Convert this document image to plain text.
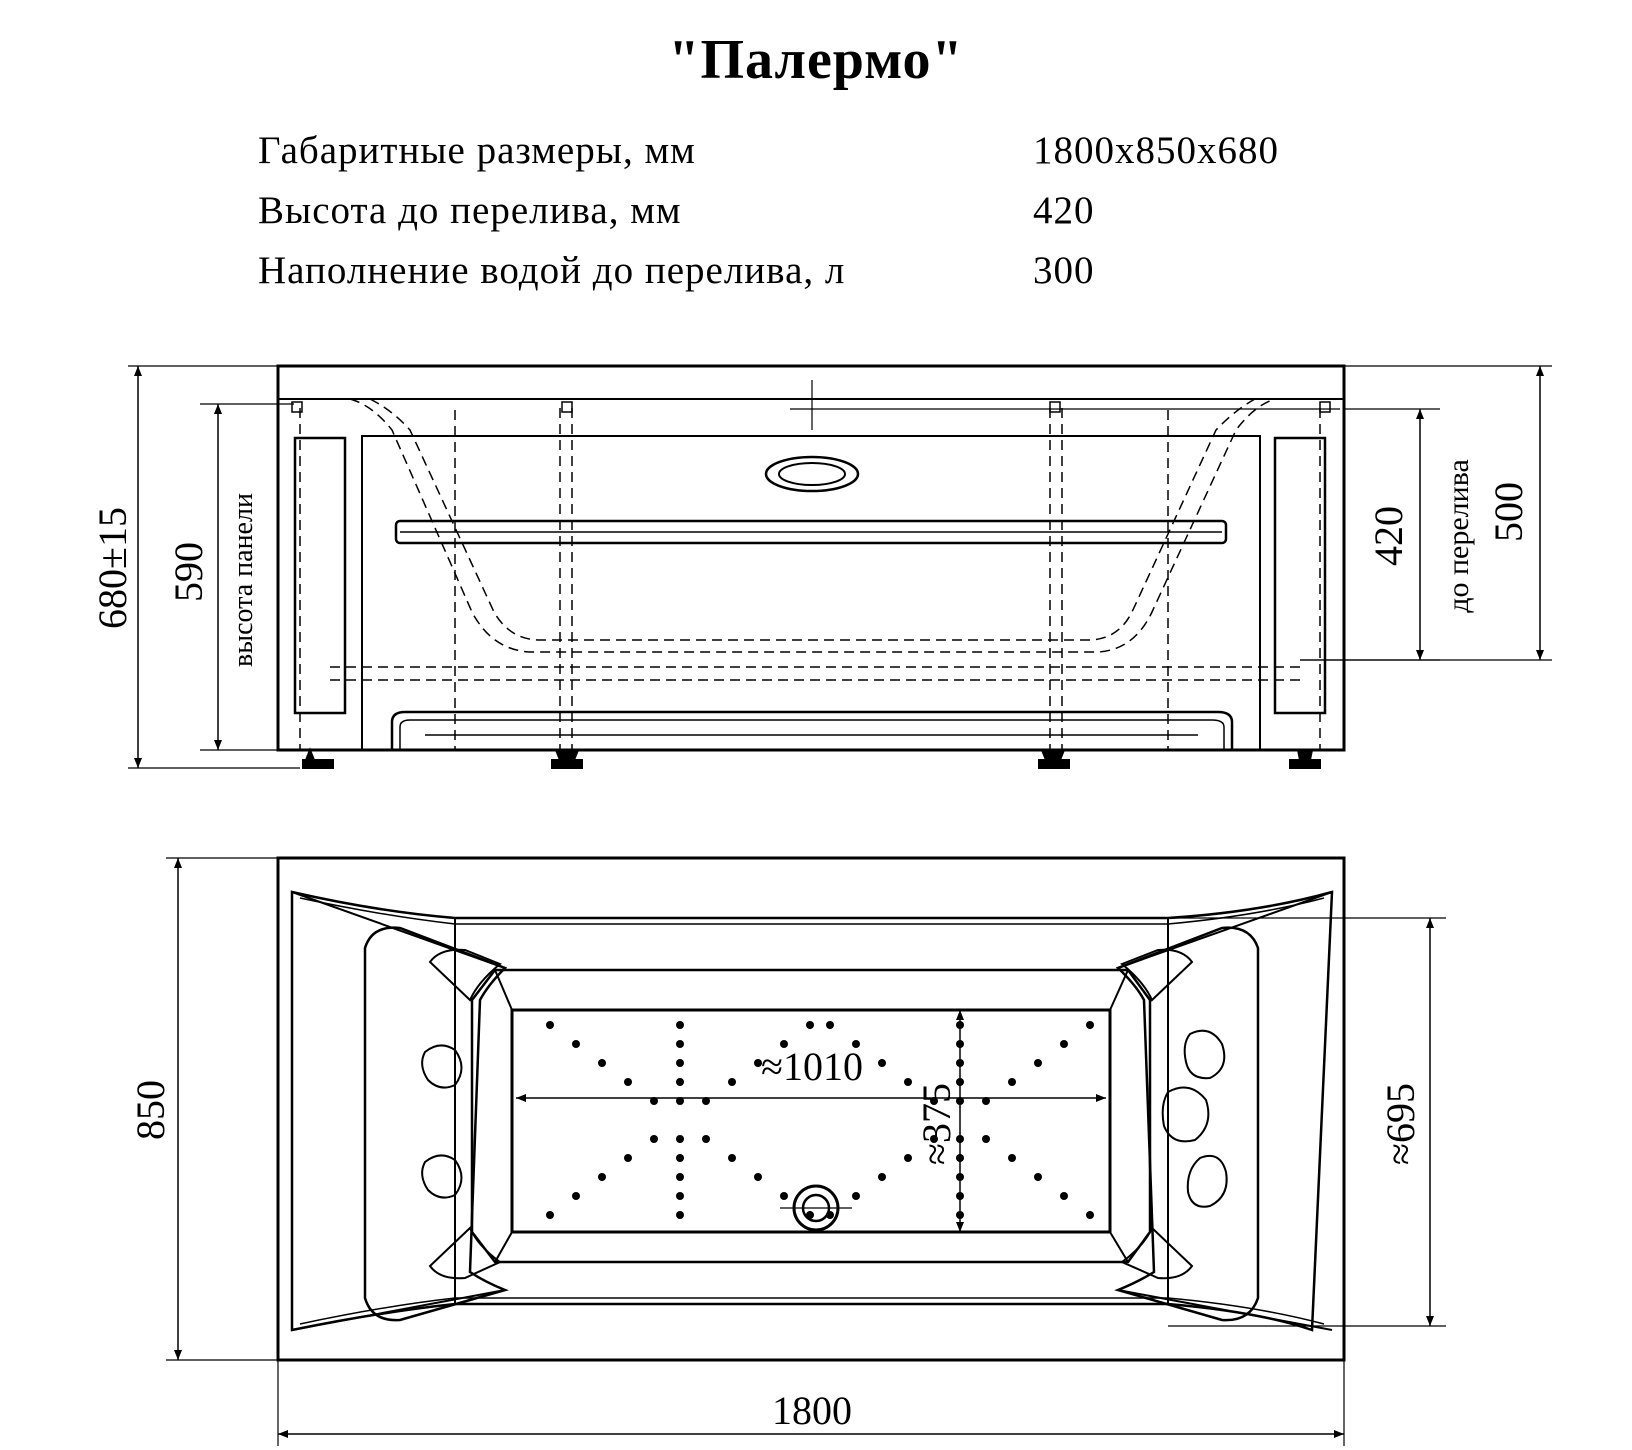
"Палермо"
Габаритные размеры, мм	1800x850x680
Высота до перелива, мм	420
Наполнение водой до перелива, л	300
680±15 590 высота панели	420 до перелива 500
850
1800
≈1010
≈375	≈695
